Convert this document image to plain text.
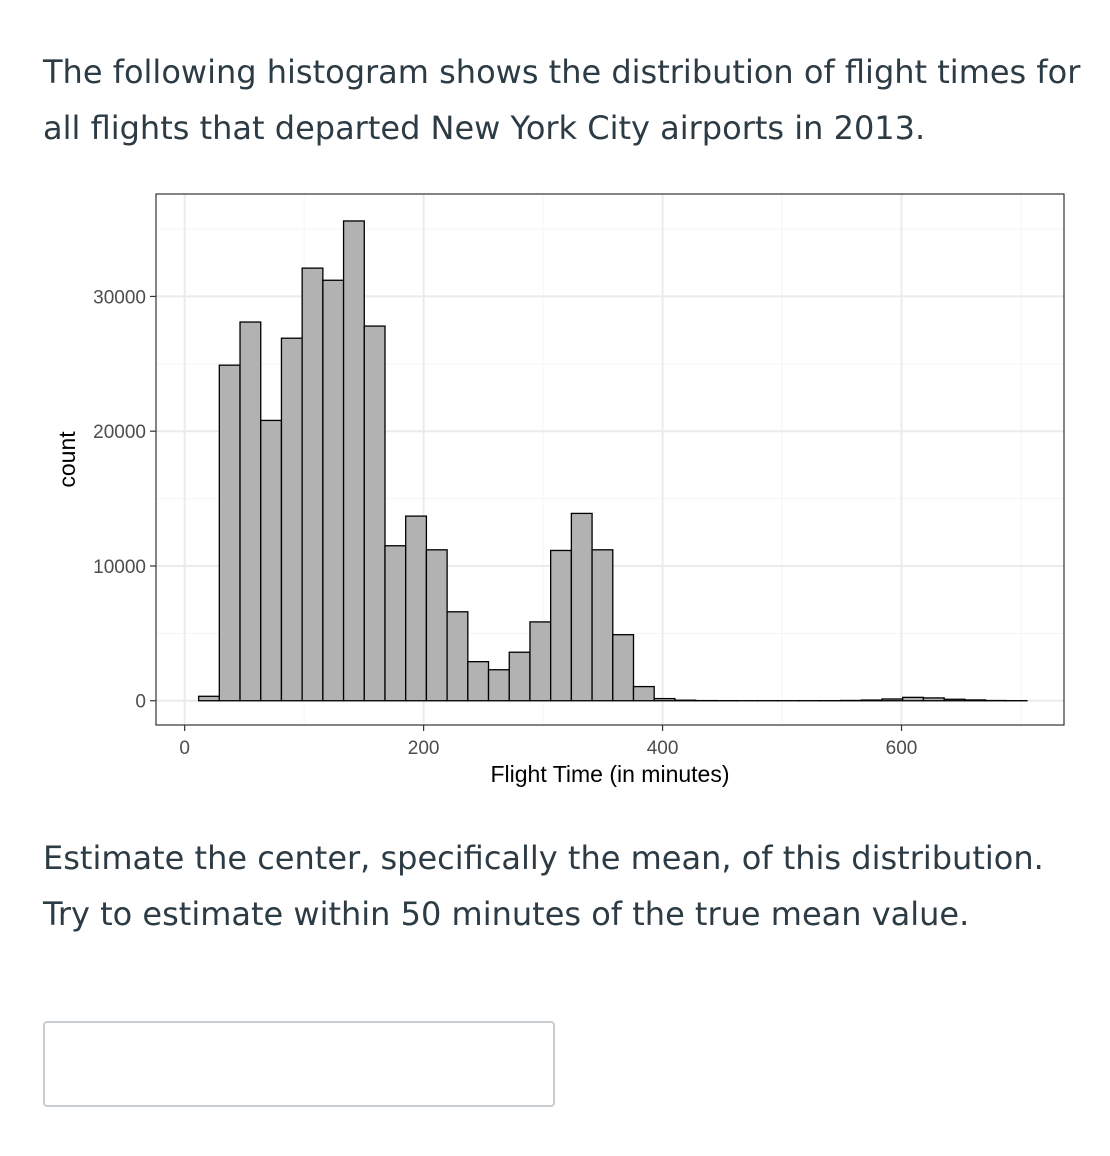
The following histogram shows the distribution of flight times for all flights that departed New York City airports in 2013.

0
10000
20000
30000
0	200	400	600
Flight Time (in minutes)
count

Estimate the center, specifically the mean, of this distribution. Try to estimate within 50 minutes of the true mean value.
